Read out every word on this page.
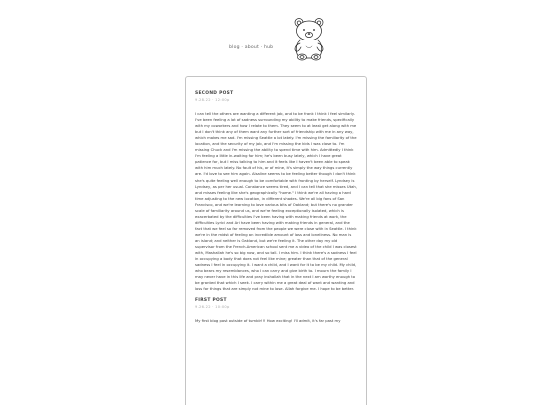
blog · about · hub
SECOND POST
9.28.22 · 12:00p
I can tell the others are wanting a different job, and to be frank I think I feel similarly. I've been feeling a lot of sadness surrounding my ability to make friends, specifically with my coworkers and how I relate to them. They seem to at least get along with me but I don't think any of them want any further sort of friendship with me in any way, which makes me sad. I'm missing Seattle a lot lately. I'm missing the familiarity of the location, and the security of my job, and I'm missing the kids I was close to. I'm missing Chuck and I'm missing the ability to spend time with him. Admittedly I think I'm feeling a little in-waiting for him; he's been busy lately, which I have great patience for, but I miss talking to him and it feels like I haven't been able to speak with him much lately. No fault of his, or of mine, it's simply the way things currently are. I'd love to see him again. Alsaline seems to be feeling better though I don't think she's quite feeling well enough to be comfortable with fronting by herself. Lyndsey is Lyndsey, as per her usual. Constance seems tired, and I can tell that she misses Utah, and misses feeling like she's geographically "home." I think we're all having a hard time adjusting to the new location, in different shades. We're all big fans of San Francisco, and we're learning to love various bits of Oakland; but there's no grander scale of familiarity around us, and we're feeling exceptionally isolated, which is exacerbated by the difficulties I've been having with making friends at work, the difficulties Lyrici and Ari have been having with making friends in general, and the fact that we feel so far removed from the people we were close with in Seattle. I think we're in the midst of feeling an incredible amount of loss and loneliness. No man is an island; and neither is Oakland, but we're feeling it. The other day my old supervisor from the French-American school sent me a video of the child I was closest with, Mashallah he's so big now, and so tall. I miss him. I think there's a sadness I feel in occupying a body that does not feel like mine; greater than that of the general sadness I feel in occupying it. I want a child, and I want for it to be my child. My child, who bears my resemblances, who I can carry and give birth to. I mourn the family I may never have in this life and pray inshallah that in the next I am worthy enough to be granted that which I seek. I carry within me a great deal of want and wanting and loss for things that are simply not mine to lose. Allah forgive me. I hope to be better.
FIRST POST
9.26.22 · 10:00p
My first blog post outside of tumblr!!! How exciting! I'll admit, it's far past my
